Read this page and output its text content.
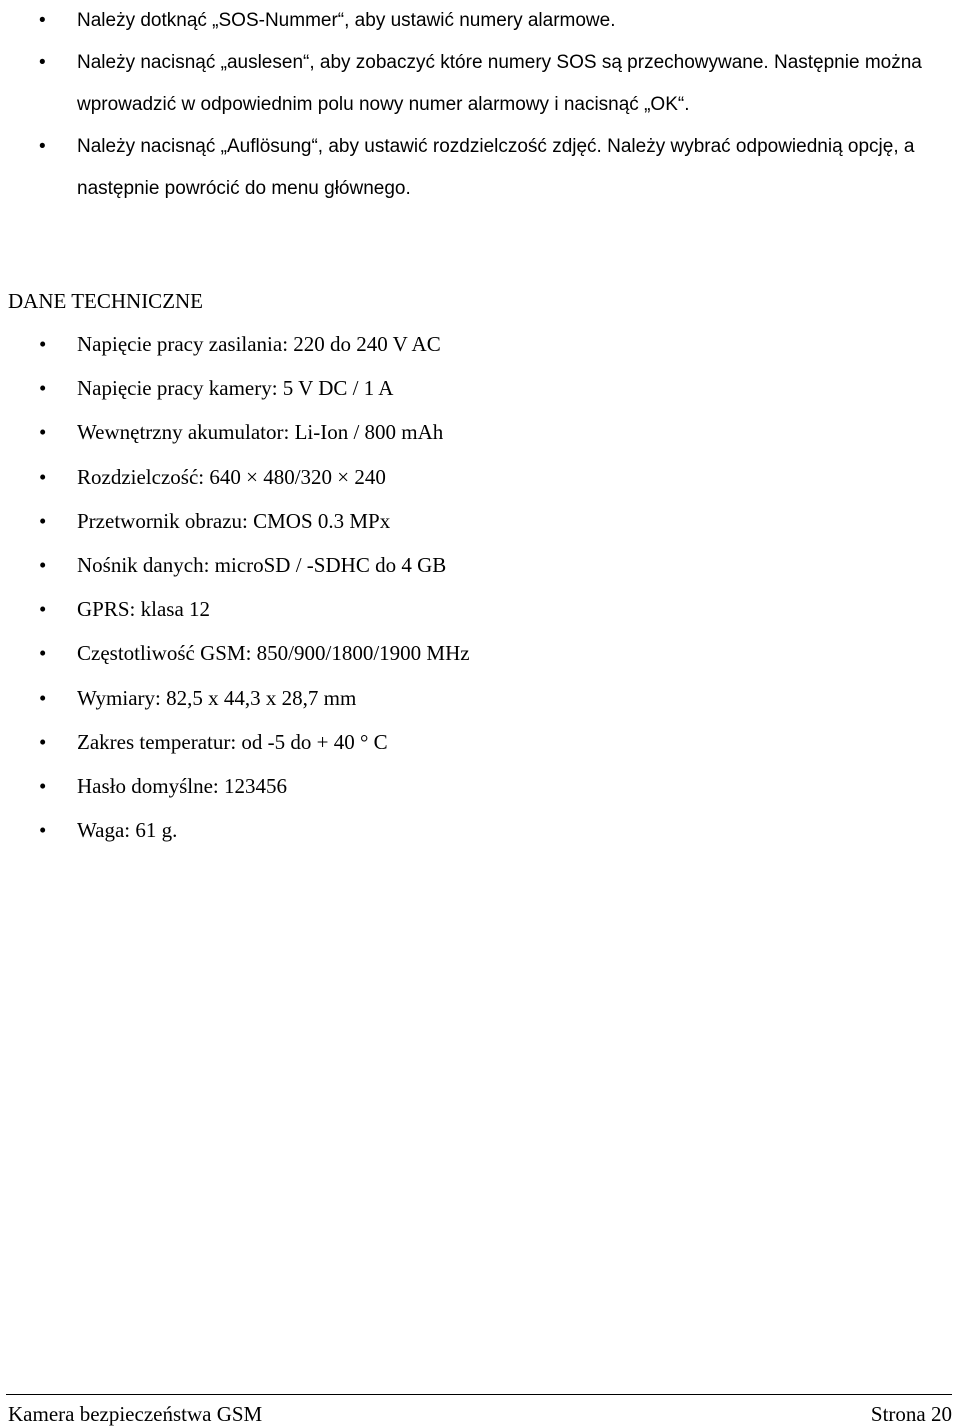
• Należy dotknąć „SOS-Nummer“, aby ustawić numery alarmowe.
• Należy nacisnąć „auslesen“, aby zobaczyć które numery SOS są przechowywane. Następnie można wprowadzić w odpowiednim polu nowy numer alarmowy i nacisnąć „OK“.
• Należy nacisnąć „Auflösung“, aby ustawić rozdzielczość zdjęć. Należy wybrać odpowiednią opcję, a następnie powrócić do menu głównego.
DANE TECHNICZNE
• Napięcie pracy zasilania: 220 do 240 V AC
• Napięcie pracy kamery: 5 V DC / 1 A
• Wewnętrzny akumulator: Li-Ion / 800 mAh
• Rozdzielczość: 640 × 480/320 × 240
• Przetwornik obrazu: CMOS 0.3 MPx
• Nośnik danych: microSD / -SDHC do 4 GB
• GPRS: klasa 12
• Częstotliwość GSM: 850/900/1800/1900 MHz
• Wymiary: 82,5 x 44,3 x 28,7 mm
• Zakres temperatur: od -5 do + 40 ° C
• Hasło domyślne: 123456
• Waga: 61 g.
Kamera bezpieczeństwa GSM	Strona 20
